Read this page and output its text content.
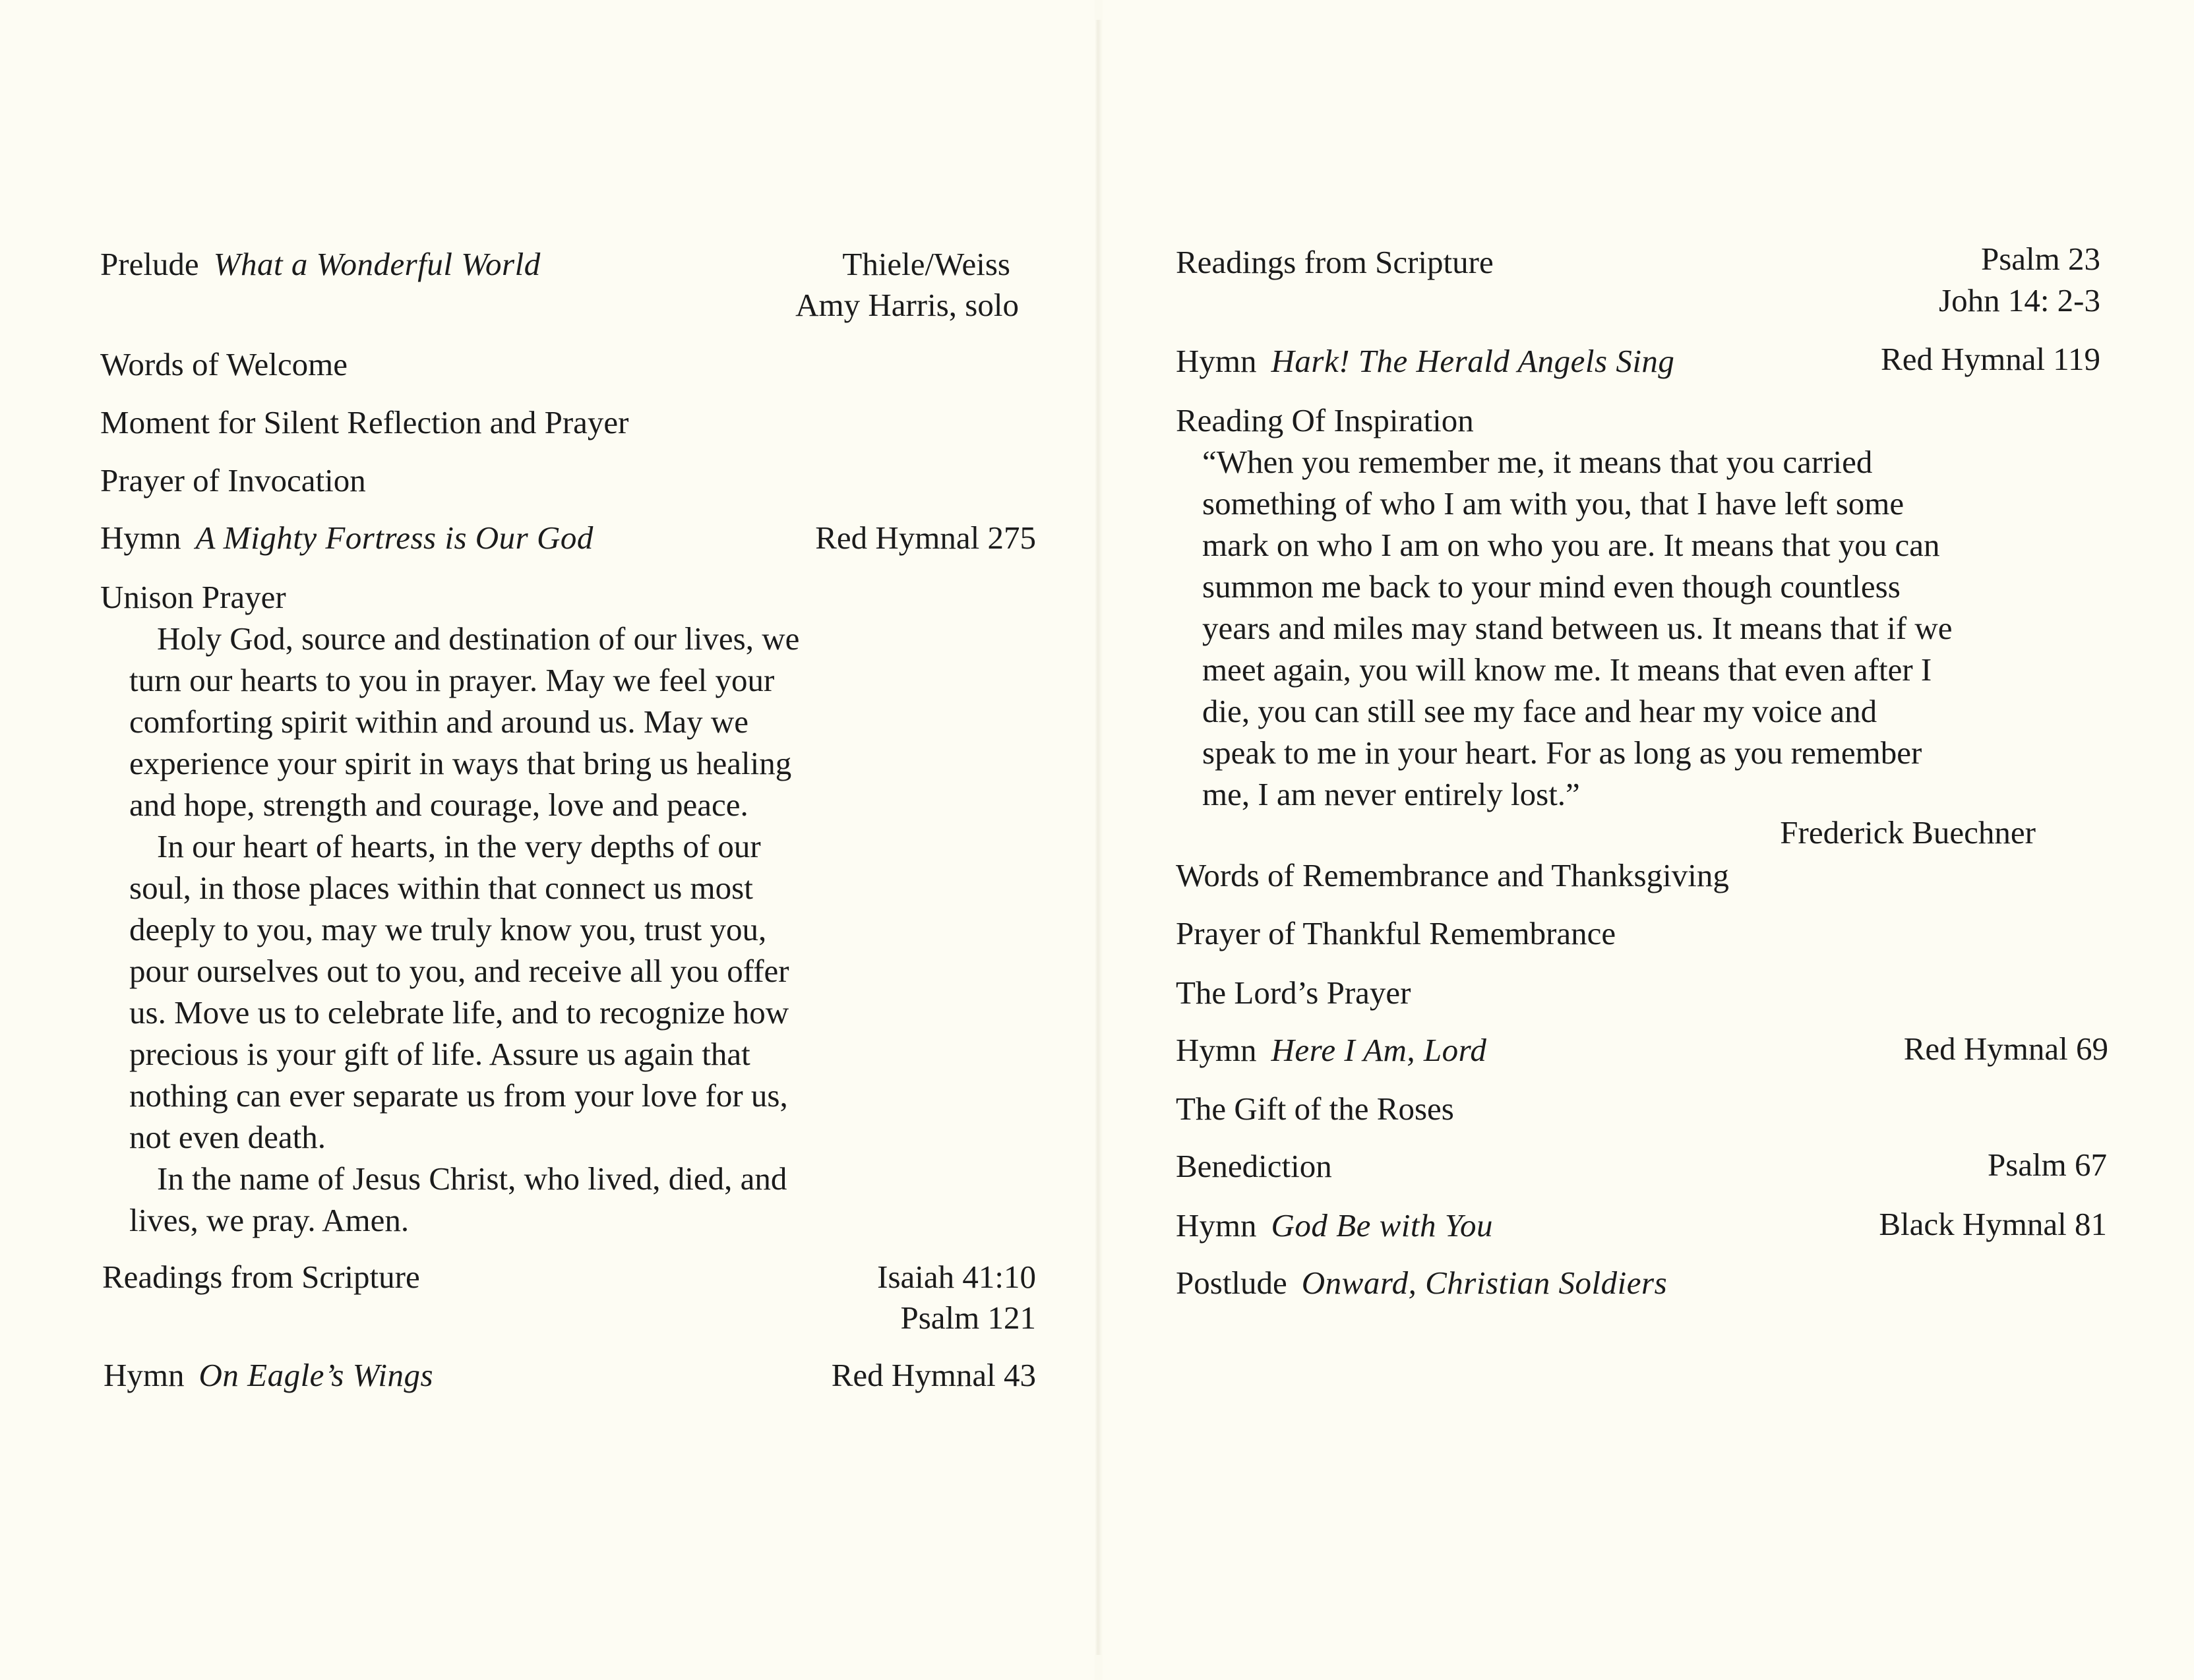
Prelude What a Wonderful World	Thiele/Weiss
Amy Harris, solo
Words of Welcome
Moment for Silent Reflection and Prayer
Prayer of Invocation
Hymn A Mighty Fortress is Our God	Red Hymnal 275
Unison Prayer
Holy God, source and destination of our lives, we
turn our hearts to you in prayer. May we feel your
comforting spirit within and around us. May we
experience your spirit in ways that bring us healing
and hope, strength and courage, love and peace.
In our heart of hearts, in the very depths of our
soul, in those places within that connect us most
deeply to you, may we truly know you, trust you,
pour ourselves out to you, and receive all you offer
us. Move us to celebrate life, and to recognize how
precious is your gift of life. Assure us again that
nothing can ever separate us from your love for us,
not even death.
In the name of Jesus Christ, who lived, died, and
lives, we pray. Amen.
Readings from Scripture	Isaiah 41:10
Psalm 121
Hymn On Eagle’s Wings	Red Hymnal 43
Readings from Scripture	Psalm 23
John 14: 2-3
Hymn Hark! The Herald Angels Sing	Red Hymnal 119
Reading Of Inspiration
“When you remember me, it means that you carried
something of who I am with you, that I have left some
mark on who I am on who you are. It means that you can
summon me back to your mind even though countless
years and miles may stand between us. It means that if we
meet again, you will know me. It means that even after I
die, you can still see my face and hear my voice and
speak to me in your heart. For as long as you remember
me, I am never entirely lost.”
Frederick Buechner
Words of Remembrance and Thanksgiving
Prayer of Thankful Remembrance
The Lord’s Prayer
Hymn Here I Am, Lord	Red Hymnal 69
The Gift of the Roses
Benediction	Psalm 67
Hymn God Be with You	Black Hymnal 81
Postlude Onward, Christian Soldiers
